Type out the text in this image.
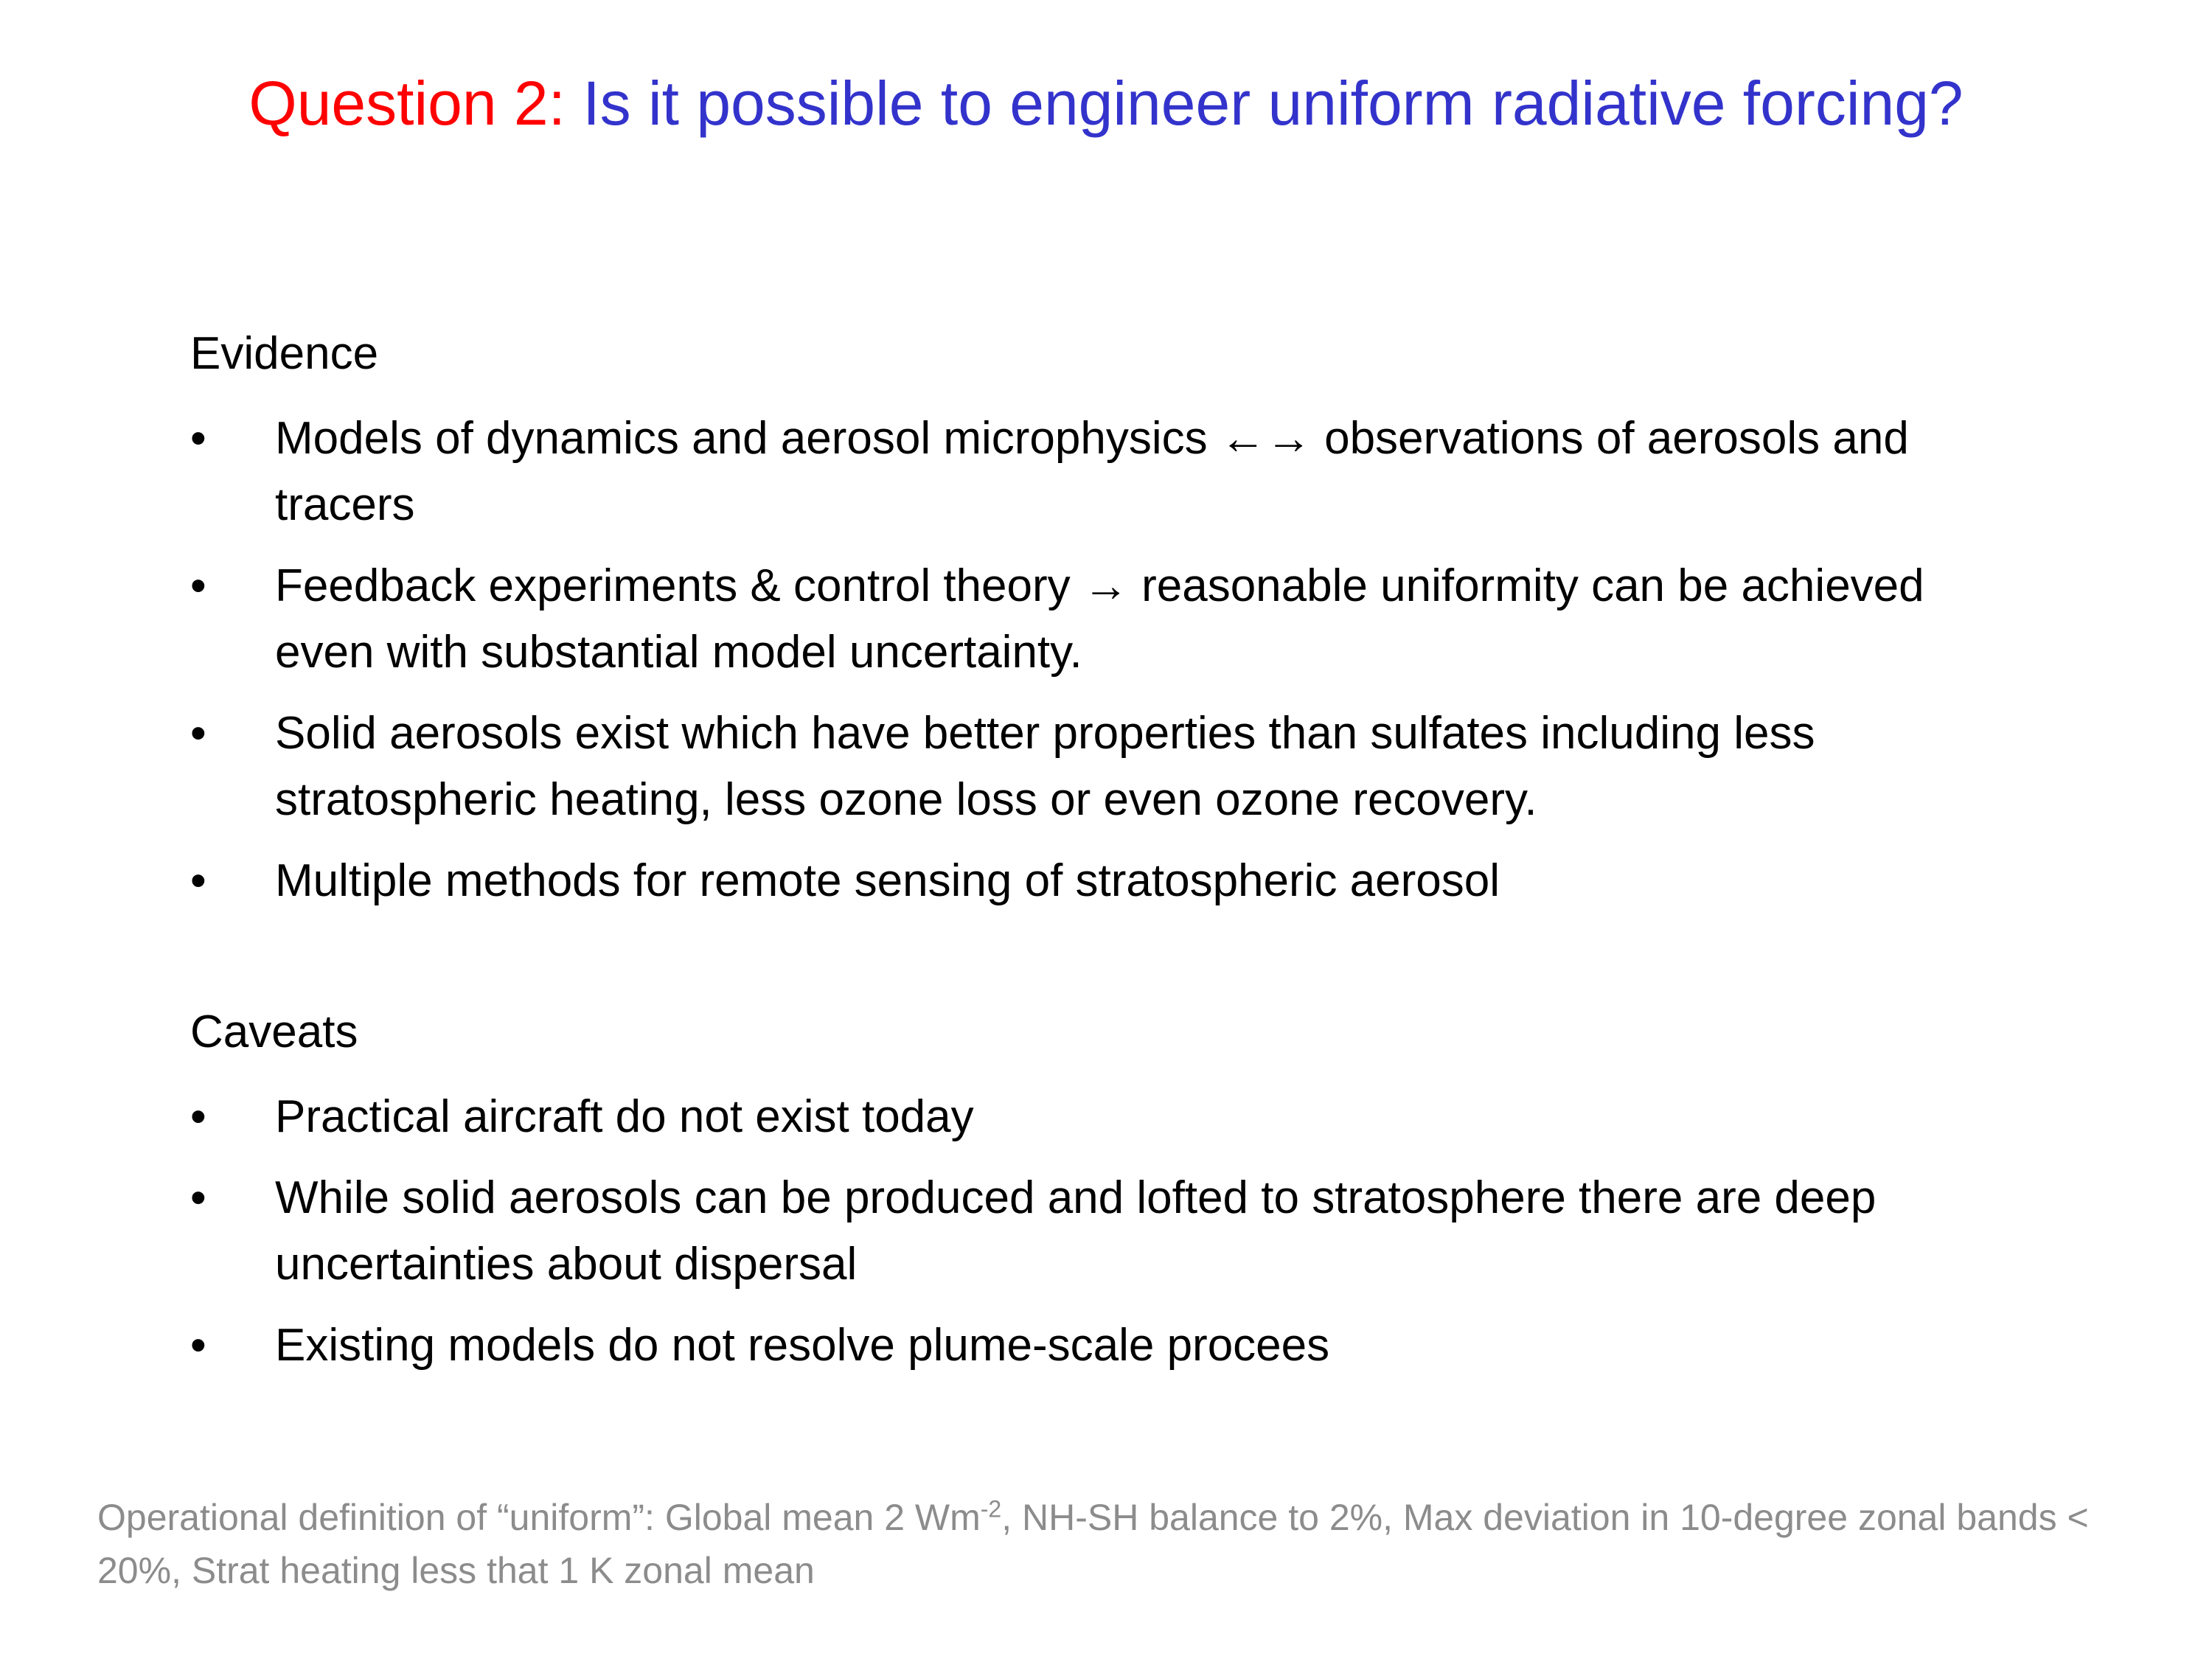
Question 2: Is it possible to engineer uniform radiative forcing?
Evidence
• Models of dynamics and aerosol microphysics ←→ observations of aerosols and tracers
• Feedback experiments & control theory → reasonable uniformity can be achieved even with substantial model uncertainty.
• Solid aerosols exist which have better properties than sulfates including less stratospheric heating, less ozone loss or even ozone recovery.
• Multiple methods for remote sensing of stratospheric aerosol
Caveats
• Practical aircraft do not exist today
• While solid aerosols can be produced and lofted to stratosphere there are deep uncertainties about dispersal
• Existing models do not resolve plume-scale procees
Operational definition of “uniform”: Global mean 2 $Wm^{-2}$, NH-SH balance to 2%, Max deviation in 10-degree zonal bands < 20%, Strat heating less that 1 K zonal mean
